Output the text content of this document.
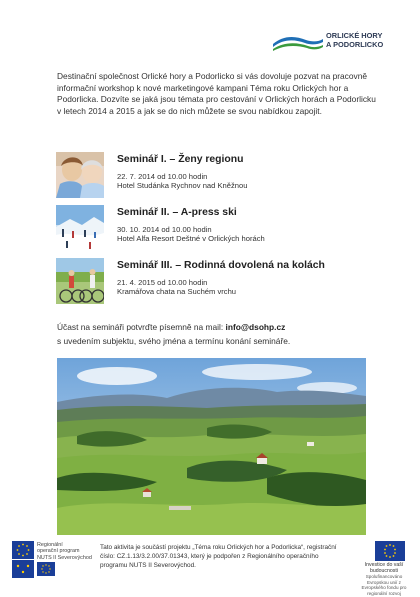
ORLICKÉ HORY
A PODORLICKO
Destinační společnost Orlické hory a Podorlicko si vás dovoluje pozvat na pracovně informační workshop k nové marketingové kampani Téma roku Orlických hor a Podorlicka. Dozvíte se jaká jsou témata pro cestování v Orlických horách a Podorlicku v letech 2014 a 2015 a jak se do nich můžete se svou nabídkou zapojit.
Seminář I. – Ženy regionu
22. 7. 2014 od 10.00 hodin
Hotel Studánka Rychnov nad Kněžnou
Seminář II. – A-press ski
30. 10. 2014 od 10.00 hodin
Hotel Alfa Resort Deštné v Orlických horách
Seminář III. – Rodinná dovolená na kolách
21. 4. 2015 od 10.00 hodin
Kramářova chata na Suchém vrchu
Účast na semináři potvrďte písemně na mail: info@dsohp.cz
s uvedením subjektu, svého jména a termínu konání semináře.
Regionální
operační program
NUTS II Severovýchod
Tato aktivita je součástí projektu „Téma roku Orlických hor a Podorlicka“, registrační číslo: CZ.1.13/3.2.00/37.01343, který je podpořen z Regionálního operačního programu NUTS II Severovýchod.	Investice do vaší budoucnosti
Spolufinancováno Evropskou unií z Evropského fondu pro regionální rozvoj
